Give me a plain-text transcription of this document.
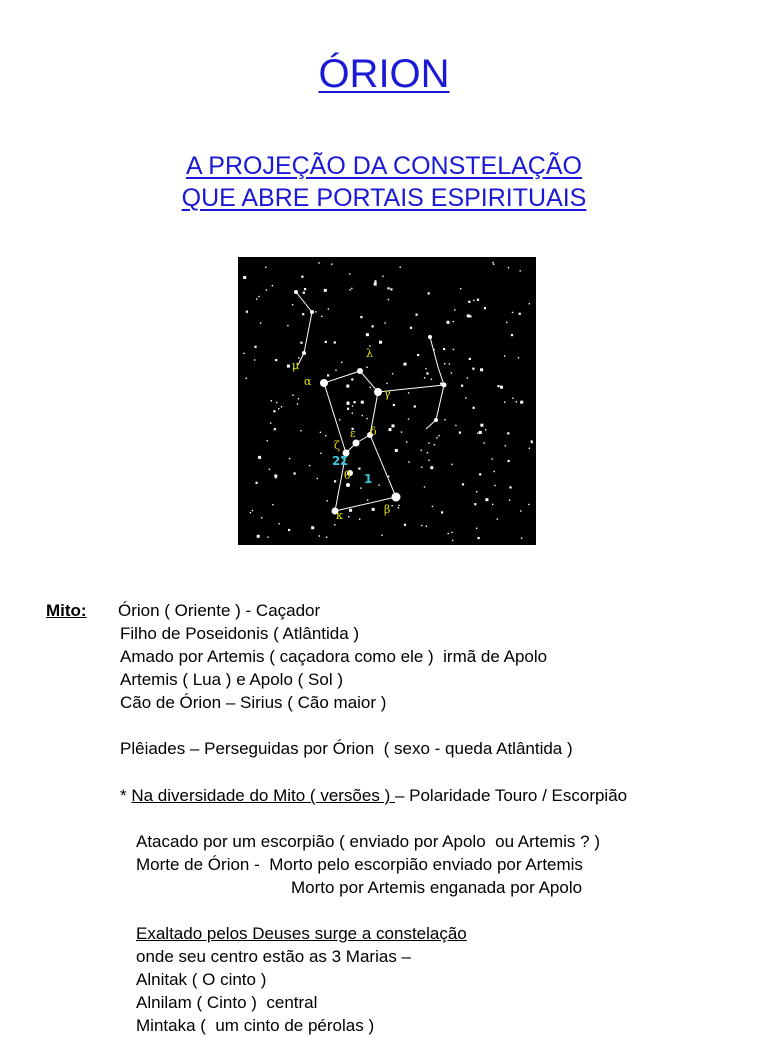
ÓRION
A PROJEÇÃO DA CONSTELAÇÃO
QUE ABRE PORTAIS ESPIRITUAIS
μ
λ
α
γ
ε δ
ζ
θ
κ	β
2 Σ
1
Mito: Órion ( Oriente ) - Caçador
Filho de Poseidonis ( Atlântida )
Amado por Artemis ( caçadora como ele )  irmã de Apolo
Artemis ( Lua ) e Apolo ( Sol )
Cão de Órion – Sirius ( Cão maior )
Plêiades – Perseguidas por Órion  ( sexo - queda Atlântida )
* Na diversidade do Mito ( versões ) – Polaridade Touro / Escorpião
Atacado por um escorpião ( enviado por Apolo  ou Artemis ? )
Morte de Órion -  Morto pelo escorpião enviado por Artemis
Morto por Artemis enganada por Apolo
Exaltado pelos Deuses surge a constelação
onde seu centro estão as 3 Marias –
Alnitak ( O cinto )
Alnilam ( Cinto )  central
Mintaka (  um cinto de pérolas )
